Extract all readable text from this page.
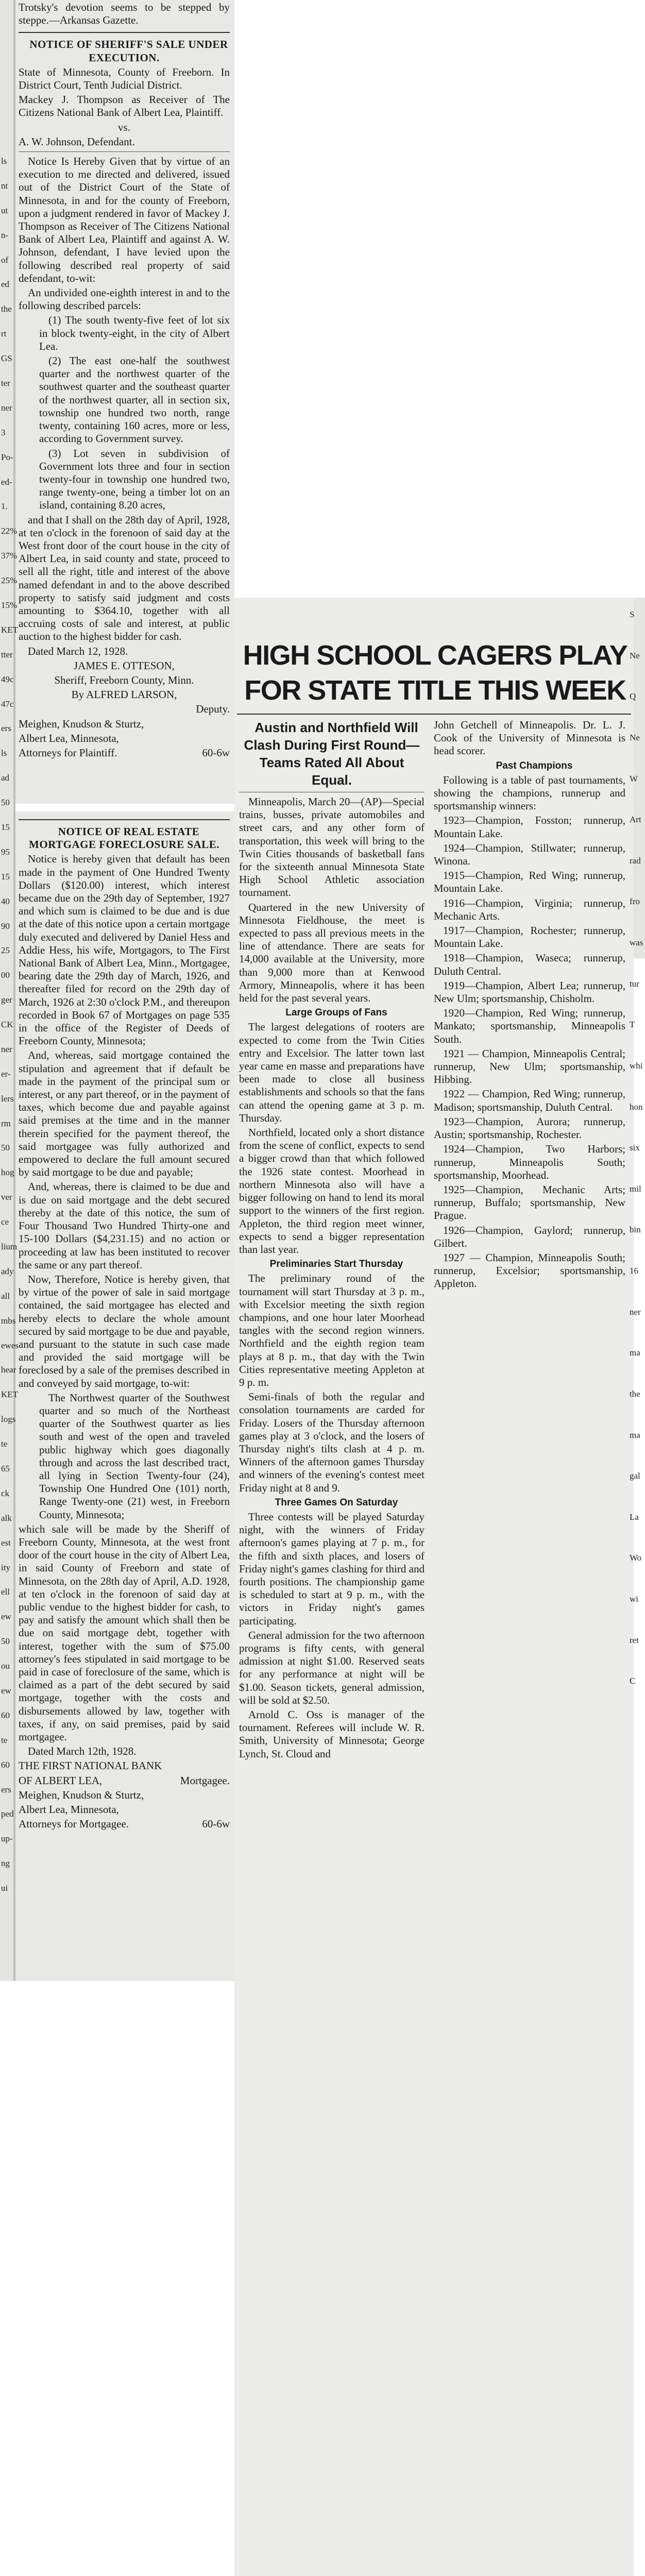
Trotsky's devotion seems to be stepped by steppe.—Arkansas Gazette.

NOTICE OF SHERIFF'S SALE UNDER EXECUTION.

State of Minnesota, County of Freeborn. In District Court, Tenth Judicial District.

Mackey J. Thompson as Receiver of The Citizens National Bank of Albert Lea, Plaintiff.

vs.

A. W. Johnson, Defendant.

Notice Is Hereby Given that by virtue of an execution to me directed and delivered, issued out of the District Court of the State of Minnesota, in and for the county of Freeborn, upon a judgment rendered in favor of Mackey J. Thompson as Receiver of The Citizens National Bank of Albert Lea, Plaintiff and against A. W. Johnson, defendant, I have levied upon the following described real property of said defendant, to-wit:

An undivided one-eighth interest in and to the following described parcels:

(1) The south twenty-five feet of lot six in block twenty-eight, in the city of Albert Lea.

(2) The east one-half the southwest quarter and the northwest quarter of the southwest quarter and the southeast quarter of the northwest quarter, all in section six, township one hundred two north, range twenty, containing 160 acres, more or less, according to Government survey.

(3) Lot seven in subdivision of Government lots three and four in section twenty-four in township one hundred two, range twenty-one, being a timber lot on an island, containing 8.20 acres,

and that I shall on the 28th day of April, 1928, at ten o'clock in the forenoon of said day at the West front door of the court house in the city of Albert Lea, in said county and state, proceed to sell all the right, title and interest of the above named defendant in and to the above described property to satisfy said judgment and costs amounting to $364.10, together with all accruing costs of sale and interest, at public auction to the highest bidder for cash.

Dated March 12, 1928.

JAMES E. OTTESON,

Sheriff, Freeborn County, Minn.

By ALFRED LARSON,

Deputy.

Meighen, Knudson & Sturtz,

Albert Lea, Minnesota,

Attorneys for Plaintiff.	60-6w

NOTICE OF REAL ESTATE MORTGAGE FORECLOSURE SALE.

Notice is hereby given that default has been made in the payment of One Hundred Twenty Dollars ($120.00) interest, which interest became due on the 29th day of September, 1927 and which sum is claimed to be due and is due at the date of this notice upon a certain mortgage duly executed and delivered by Daniel Hess and Addie Hess, his wife, Mortgagors, to The First National Bank of Albert Lea, Minn., Mortgagee, bearing date the 29th day of March, 1926, and thereafter filed for record on the 29th day of March, 1926 at 2:30 o'clock P.M., and thereupon recorded in Book 67 of Mortgages on page 535 in the office of the Register of Deeds of Freeborn County, Minnesota;

And, whereas, said mortgage contained the stipulation and agreement that if default be made in the payment of the principal sum or interest, or any part thereof, or in the payment of taxes, which become due and payable against said premises at the time and in the manner therein specified for the payment thereof, the said mortgagee was fully authorized and empowered to declare the full amount secured by said mortgage to be due and payable;

And, whereas, there is claimed to be due and is due on said mortgage and the debt secured thereby at the date of this notice, the sum of Four Thousand Two Hundred Thirty-one and 15-100 Dollars ($4,231.15) and no action or proceeding at law has been instituted to recover the same or any part thereof.

Now, Therefore, Notice is hereby given, that by virtue of the power of sale in said mortgage contained, the said mortgagee has elected and hereby elects to declare the whole amount secured by said mortgage to be due and payable, and pursuant to the statute in such case made and provided the said mortgage will be foreclosed by a sale of the premises described in and conveyed by said mortgage, to-wit:

The Northwest quarter of the Southwest quarter and so much of the Northeast quarter of the Southwest quarter as lies south and west of the open and traveled public highway which goes diagonally through and across the last described tract, all lying in Section Twenty-four (24), Township One Hundred One (101) north, Range Twenty-one (21) west, in Freeborn County, Minnesota;

which sale will be made by the Sheriff of Freeborn County, Minnesota, at the west front door of the court house in the city of Albert Lea, in said County of Freeborn and state of Minnesota, on the 28th day of April, A.D. 1928, at ten o'clock in the forenoon of said day at public vendue to the highest bidder for cash, to pay and satisfy the amount which shall then be due on said mortgage debt, together with interest, together with the sum of $75.00 attorney's fees stipulated in said mortgage to be paid in case of foreclosure of the same, which is claimed as a part of the debt secured by said mortgage, together with the costs and disbursements allowed by law, together with taxes, if any, on said premises, paid by said mortgagee.

Dated March 12th, 1928.

THE FIRST NATIONAL BANK

OF ALBERT LEA,	Mortgagee.

Meighen, Knudson & Sturtz,

Albert Lea, Minnesota,

Attorneys for Mortgagee.	60-6w

HIGH SCHOOL CAGERS PLAY FOR STATE TITLE THIS WEEK

Austin and Northfield Will Clash During First Round—Teams Rated All About Equal.

Minneapolis, March 20—(AP)—Special trains, busses, private automobiles and street cars, and any other form of transportation, this week will bring to the Twin Cities thousands of basketball fans for the sixteenth annual Minnesota State High School Athletic association tournament.

Quartered in the new University of Minnesota Fieldhouse, the meet is expected to pass all previous meets in the line of attendance. There are seats for 14,000 available at the University, more than 9,000 more than at Kenwood Armory, Minneapolis, where it has been held for the past several years.

Large Groups of Fans

The largest delegations of rooters are expected to come from the Twin Cities entry and Excelsior. The latter town last year came en masse and preparations have been made to close all business establishments and schools so that the fans can attend the opening game at 3 p. m. Thursday.

Northfield, located only a short distance from the scene of conflict, expects to send a bigger crowd than that which followed the 1926 state contest. Moorhead in northern Minnesota also will have a bigger following on hand to lend its moral support to the winners of the first region. Appleton, the third region meet winner, expects to send a bigger representation than last year.

Preliminaries Start Thursday

The preliminary round of the tournament will start Thursday at 3 p. m., with Excelsior meeting the sixth region champions, and one hour later Moorhead tangles with the second region winners. Northfield and the eighth region team plays at 8 p. m., that day with the Twin Cities representative meeting Appleton at 9 p. m.

Semi-finals of both the regular and consolation tournaments are carded for Friday. Losers of the Thursday afternoon games play at 3 o'clock, and the losers of Thursday night's tilts clash at 4 p. m. Winners of the afternoon games Thursday and winners of the evening's contest meet Friday night at 8 and 9.

Three Games On Saturday

Three contests will be played Saturday night, with the winners of Friday afternoon's games playing at 7 p. m., for the fifth and sixth places, and losers of Friday night's games clashing for third and fourth positions. The championship game is scheduled to start at 9 p. m., with the victors in Friday night's games participating.

General admission for the two afternoon programs is fifty cents, with general admission at night $1.00. Reserved seats for any performance at night will be $1.00. Season tickets, general admission, will be sold at $2.50.

Arnold C. Oss is manager of the tournament. Referees will include W. R. Smith, University of Minnesota; George Lynch, St. Cloud and

John Getchell of Minneapolis. Dr. L. J. Cook of the University of Minnesota is head scorer.

Past Champions

Following is a table of past tournaments, showing the champions, runnerup and sportsmanship winners:

1923—Champion, Fosston; runnerup, Mountain Lake.

1924—Champion, Stillwater; runnerup, Winona.

1915—Champion, Red Wing; runnerup, Mountain Lake.

1916—Champion, Virginia; runnerup, Mechanic Arts.

1917—Champion, Rochester; runnerup, Mountain Lake.

1918—Champion, Waseca; runnerup, Duluth Central.

1919—Champion, Albert Lea; runnerup, New Ulm; sportsmanship, Chisholm.

1920—Champion, Red Wing; runnerup, Mankato; sportsmanship, Minneapolis South.

1921 — Champion, Minneapolis Central; runnerup, New Ulm; sportsmanship, Hibbing.

1922 — Champion, Red Wing; runnerup, Madison; sportsmanship, Duluth Central.

1923—Champion, Aurora; runnerup, Austin; sportsmanship, Rochester.

1924—Champion, Two Harbors; runnerup, Minneapolis South; sportsmanship, Moorhead.

1925—Champion, Mechanic Arts; runnerup, Buffalo; sportsmanship, New Prague.

1926—Champion, Gaylord; runnerup, Gilbert.

1927 — Champion, Minneapolis South; runnerup, Excelsior; sportsmanship, Appleton.

ls
nt
ut
n-
of
ed
the
rt
GS
ter
ner
3
Po-
ed-
1.
22%
37%
25%
15%
KET
tter
49c
47c
ers
ls
ad
50
15
95
15
40
90
25
00
ger
CK
ner
er-
lers
rm
50
hog
ver
ce
lium
ady
all
mbs
ewes
hear
KET
logs
te
65
ck
alk
est
ity
ell
ew
50
ou
ew
60
te
60
ers
ped
up-
ng
ui
S
Ne
Q
Ne
W
Art
rad
fro
was
tur
T
whi
hon
six
mil
bin
16
ner
ma
the
ma
gal
La
Wo
wi
ret
C
